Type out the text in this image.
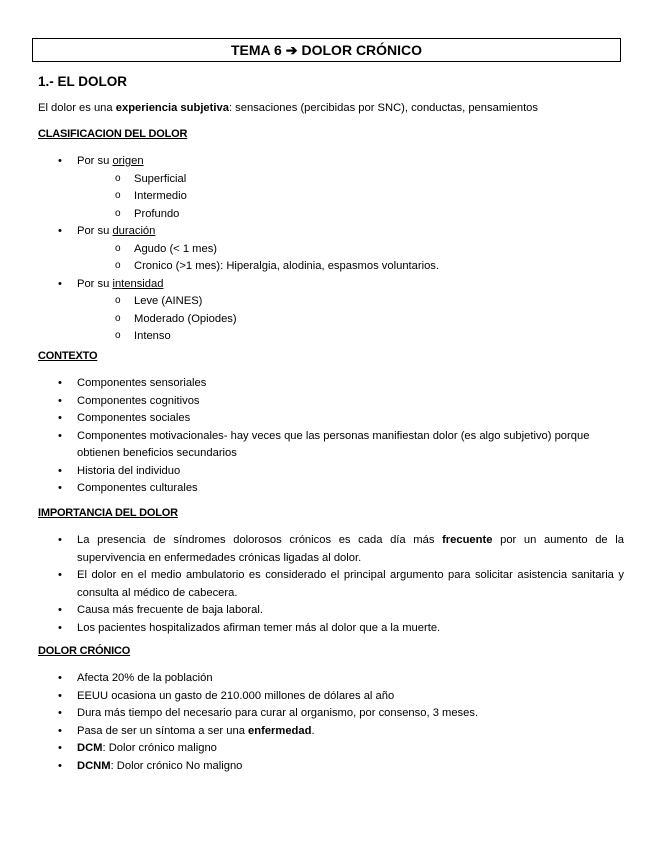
TEMA 6 ➔ DOLOR CRÓNICO
1.- EL DOLOR
El dolor es una experiencia subjetiva: sensaciones (percibidas por SNC), conductas, pensamientos
CLASIFICACION DEL DOLOR
• Por su origen
o Superficial
o Intermedio
o Profundo
• Por su duración
o Agudo (< 1 mes)
o Cronico (>1 mes): Hiperalgia, alodinia, espasmos voluntarios.
• Por su intensidad
o Leve (AINES)
o Moderado (Opiodes)
o Intenso
CONTEXTO
• Componentes sensoriales
• Componentes cognitivos
• Componentes sociales
• Componentes motivacionales- hay veces que las personas manifiestan dolor (es algo subjetivo) porque obtienen beneficios secundarios
• Historia del individuo
• Componentes culturales
IMPORTANCIA DEL DOLOR
• La presencia de síndromes dolorosos crónicos es cada día más frecuente por un aumento de la supervivencia en enfermedades crónicas ligadas al dolor.
• El dolor en el medio ambulatorio es considerado el principal argumento para solicitar asistencia sanitaria y consulta al médico de cabecera.
• Causa más frecuente de baja laboral.
• Los pacientes hospitalizados afirman temer más al dolor que a la muerte.
DOLOR CRÓNICO
• Afecta 20% de la población
• EEUU ocasiona un gasto de 210.000 millones de dólares al año
• Dura más tiempo del necesario para curar al organismo, por consenso, 3 meses.
• Pasa de ser un síntoma a ser una enfermedad.
• DCM: Dolor crónico maligno
• DCNM: Dolor crónico No maligno
